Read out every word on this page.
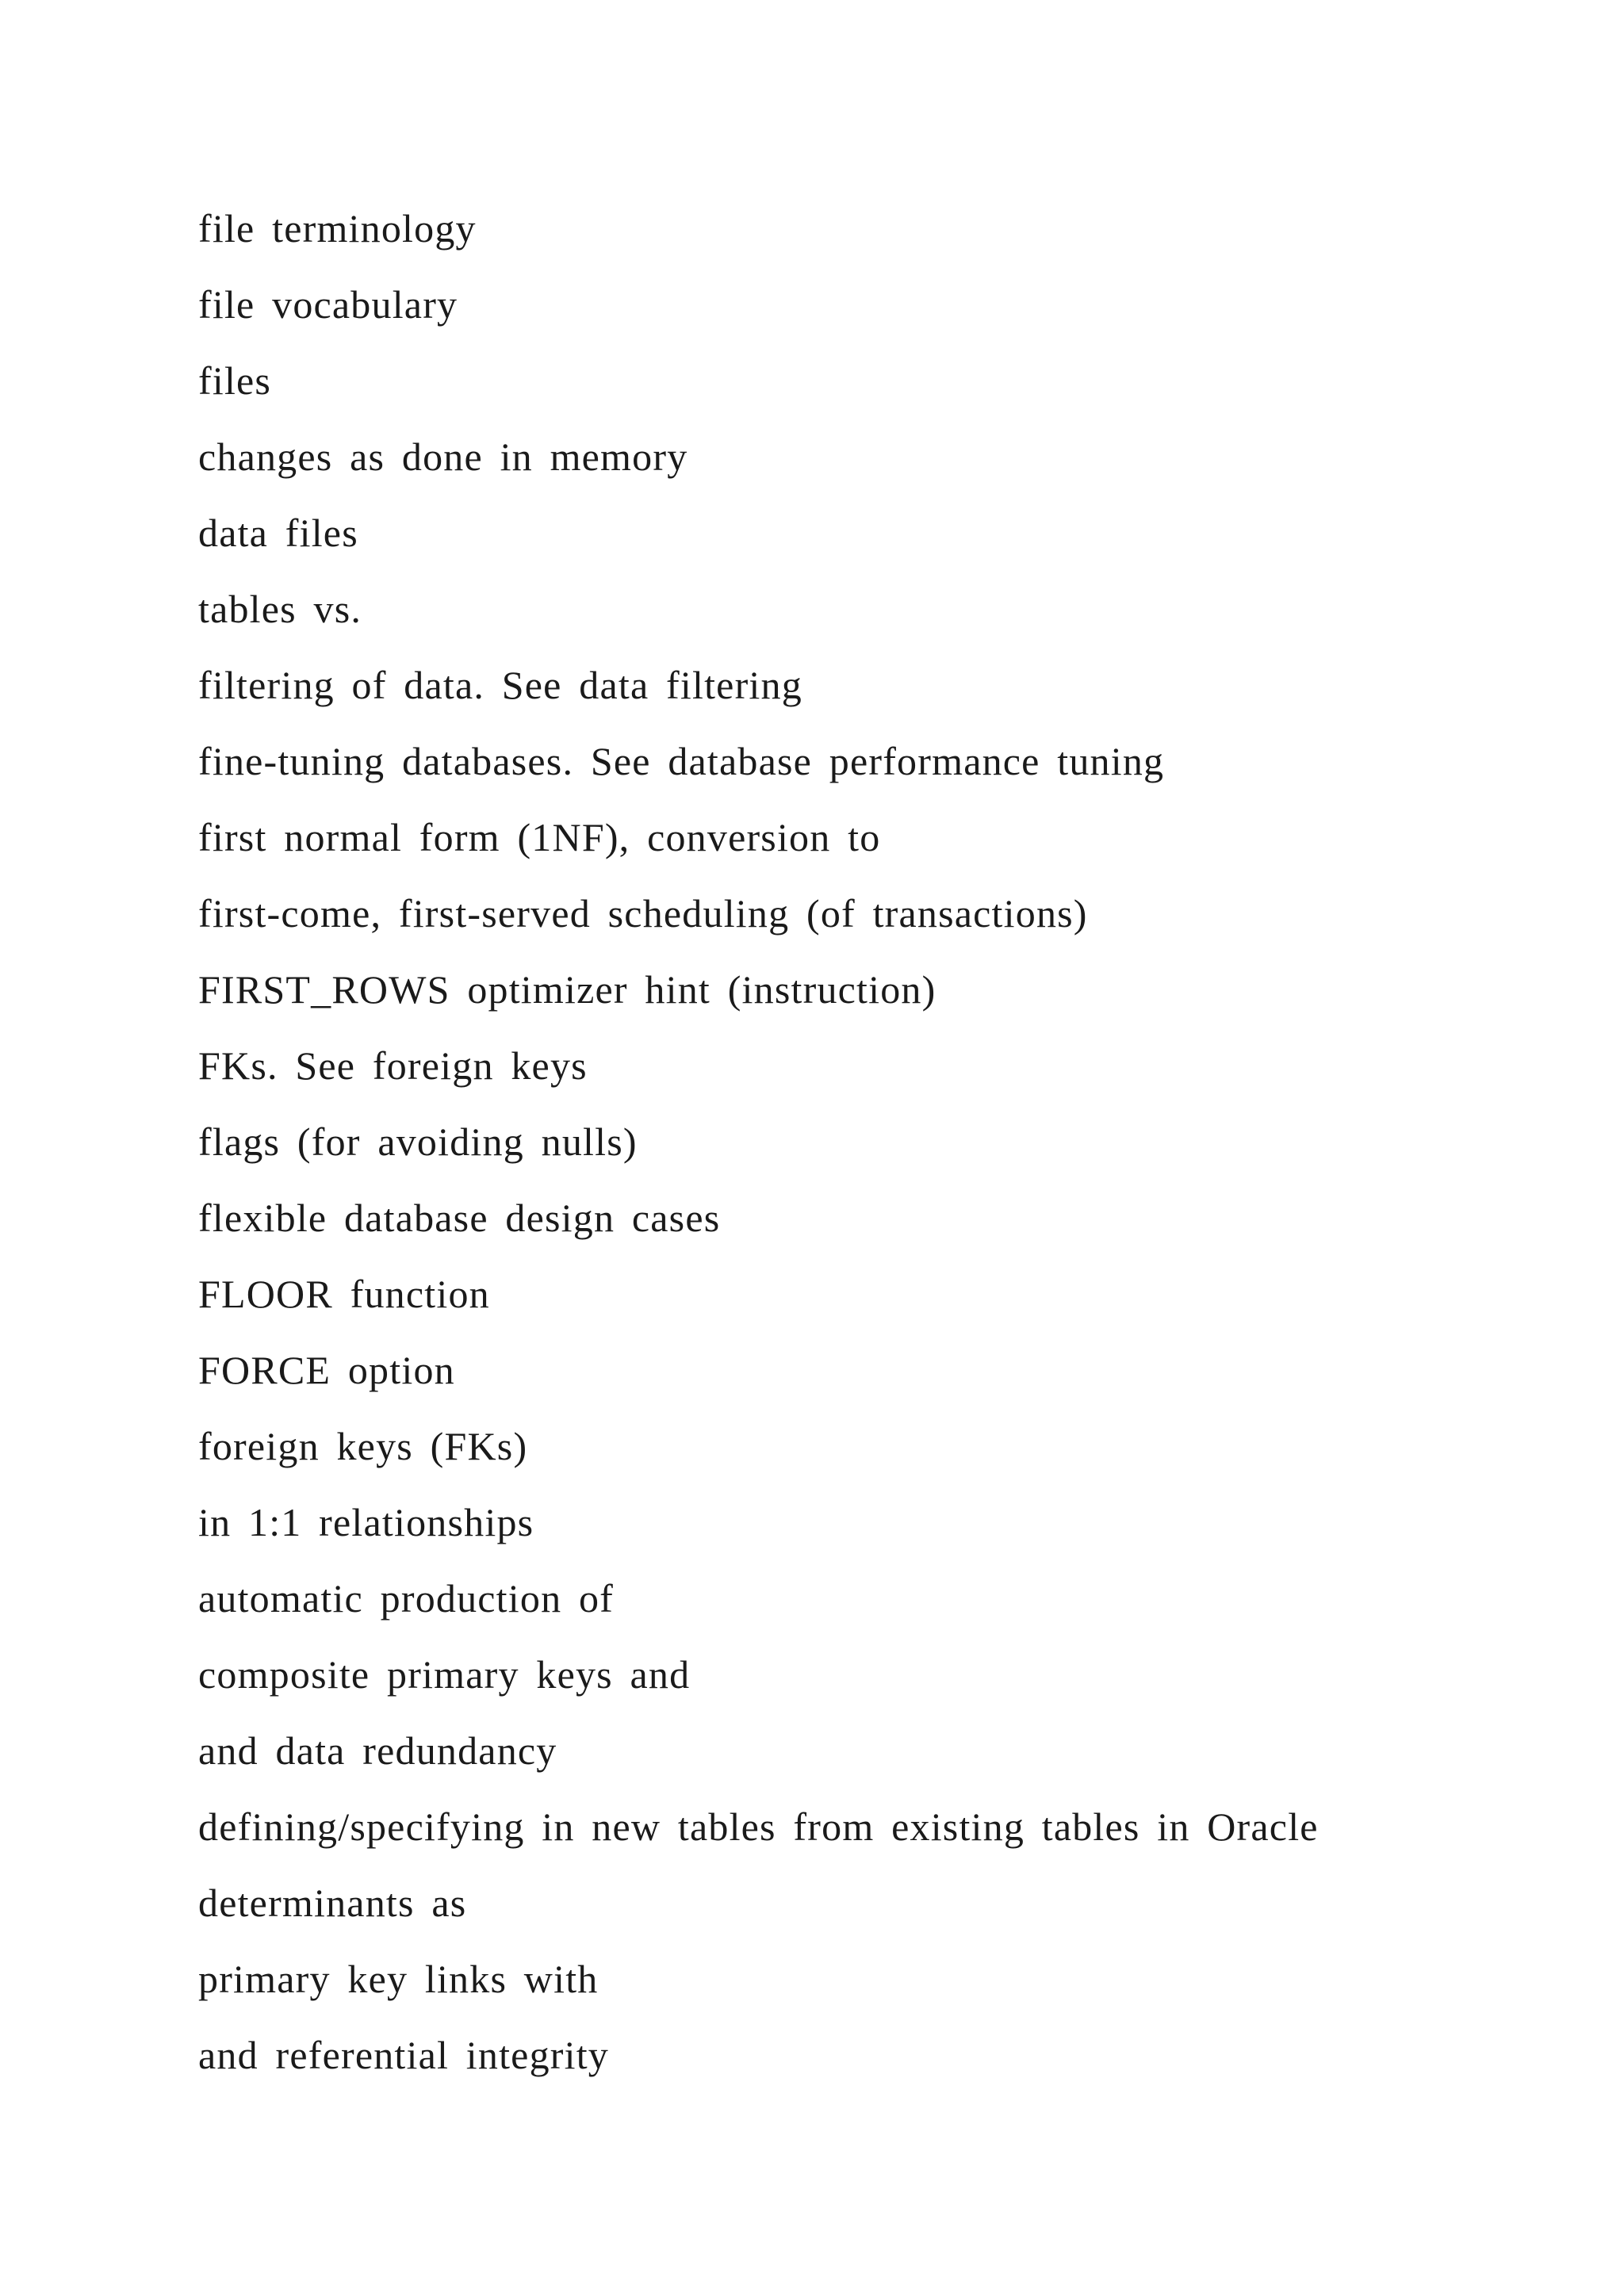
file terminology
file vocabulary
files
changes as done in memory
data files
tables vs.
filtering of data. See data filtering
fine-tuning databases. See database performance tuning
first normal form (1NF), conversion to
first-come, first-served scheduling (of transactions)
FIRST_ROWS optimizer hint (instruction)
FKs. See foreign keys
flags (for avoiding nulls)
flexible database design cases
FLOOR function
FORCE option
foreign keys (FKs)
in 1:1 relationships
automatic production of
composite primary keys and
and data redundancy
defining/specifying in new tables from existing tables in Oracle
determinants as
primary key links with
and referential integrity
